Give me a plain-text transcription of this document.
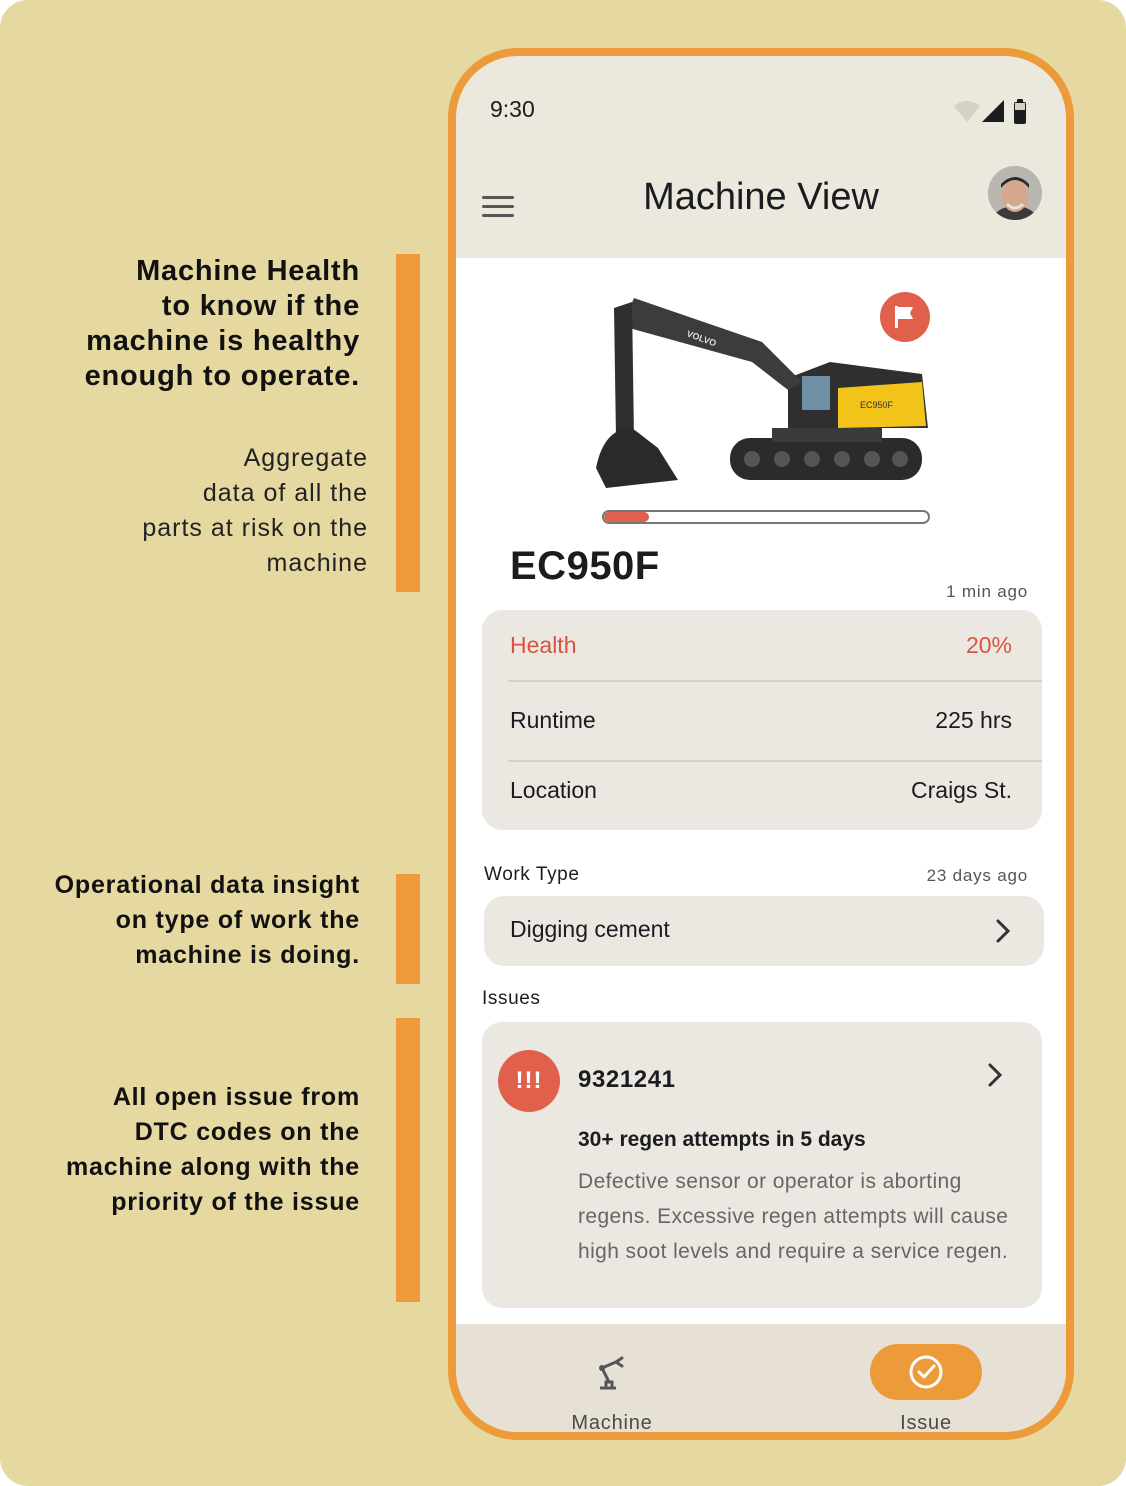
Machine Health
to know if the
machine is healthy
enough to operate.
Aggregate
data of all the
parts at risk on the
machine
Operational data insight
on type of work the
machine is doing.
All open issue from
DTC codes on the
machine along with the
priority of the issue
9:30
Machine View
EC950F
VOLVO
EC950F
1 min ago
Health	20%
Runtime	225 hrs
Location	Craigs St.
Work Type	23 days ago
Digging cement
Issues
!!!	9321241
30+ regen attempts in 5 days
Defective sensor or operator is aborting regens. Excessive regen attempts will cause high soot levels and require a service regen.
Machine	Issue
